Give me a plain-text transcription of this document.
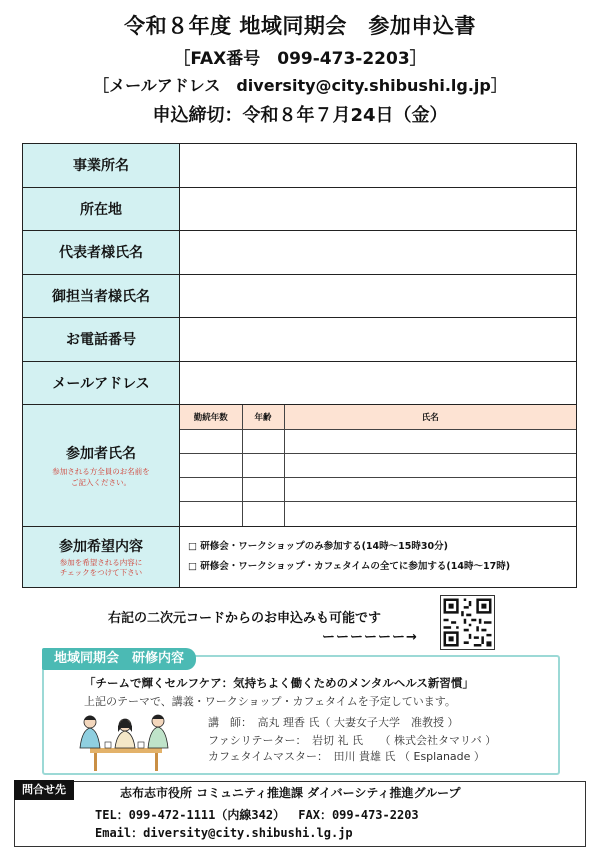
令和８年度 地域同期会　参加申込書
［FAX番号　099-473-2203］
［メールアドレス　diversity@city.shibushi.lg.jp］
申込締切：令和８年７月24日（金）
事業所名	
所在地	
代表者様氏名	
御担当者様氏名	
お電話番号	
メールアドレス	

参加者氏名
参加される方全員のお名前を
ご記入ください。

勤続年数	年齢	氏名

参加希望内容
参加を希望される内容に
チェックをつけて下さい

□ 研修会・ワークショップのみ参加する(14時～15時30分)
□ 研修会・ワークショップ・カフェタイムの全てに参加する(14時～17時)
右記の二次元コードからのお申込みも可能です
ーーーーーー→
地域同期会　研修内容
「チームで輝くセルフケア：気持ちよく働くためのメンタルヘルス新習慣」
上記のテーマで、講義・ワークショップ・カフェタイムを予定しています。
講　師：　高丸 理香 氏（ 大妻女子大学　准教授 ）
ファシリテーター：　岩切 礼 氏　　（ 株式会社タマリバ ）
カフェタイムマスター：　田川 貴雄 氏 （ Esplanade ）
問合せ先	志布志市役所 コミュニティ推進課 ダイバーシティ推進グループ
TEL：099-472-1111（内線342）　 FAX：099-473-2203
Email：diversity@city.shibushi.lg.jp
